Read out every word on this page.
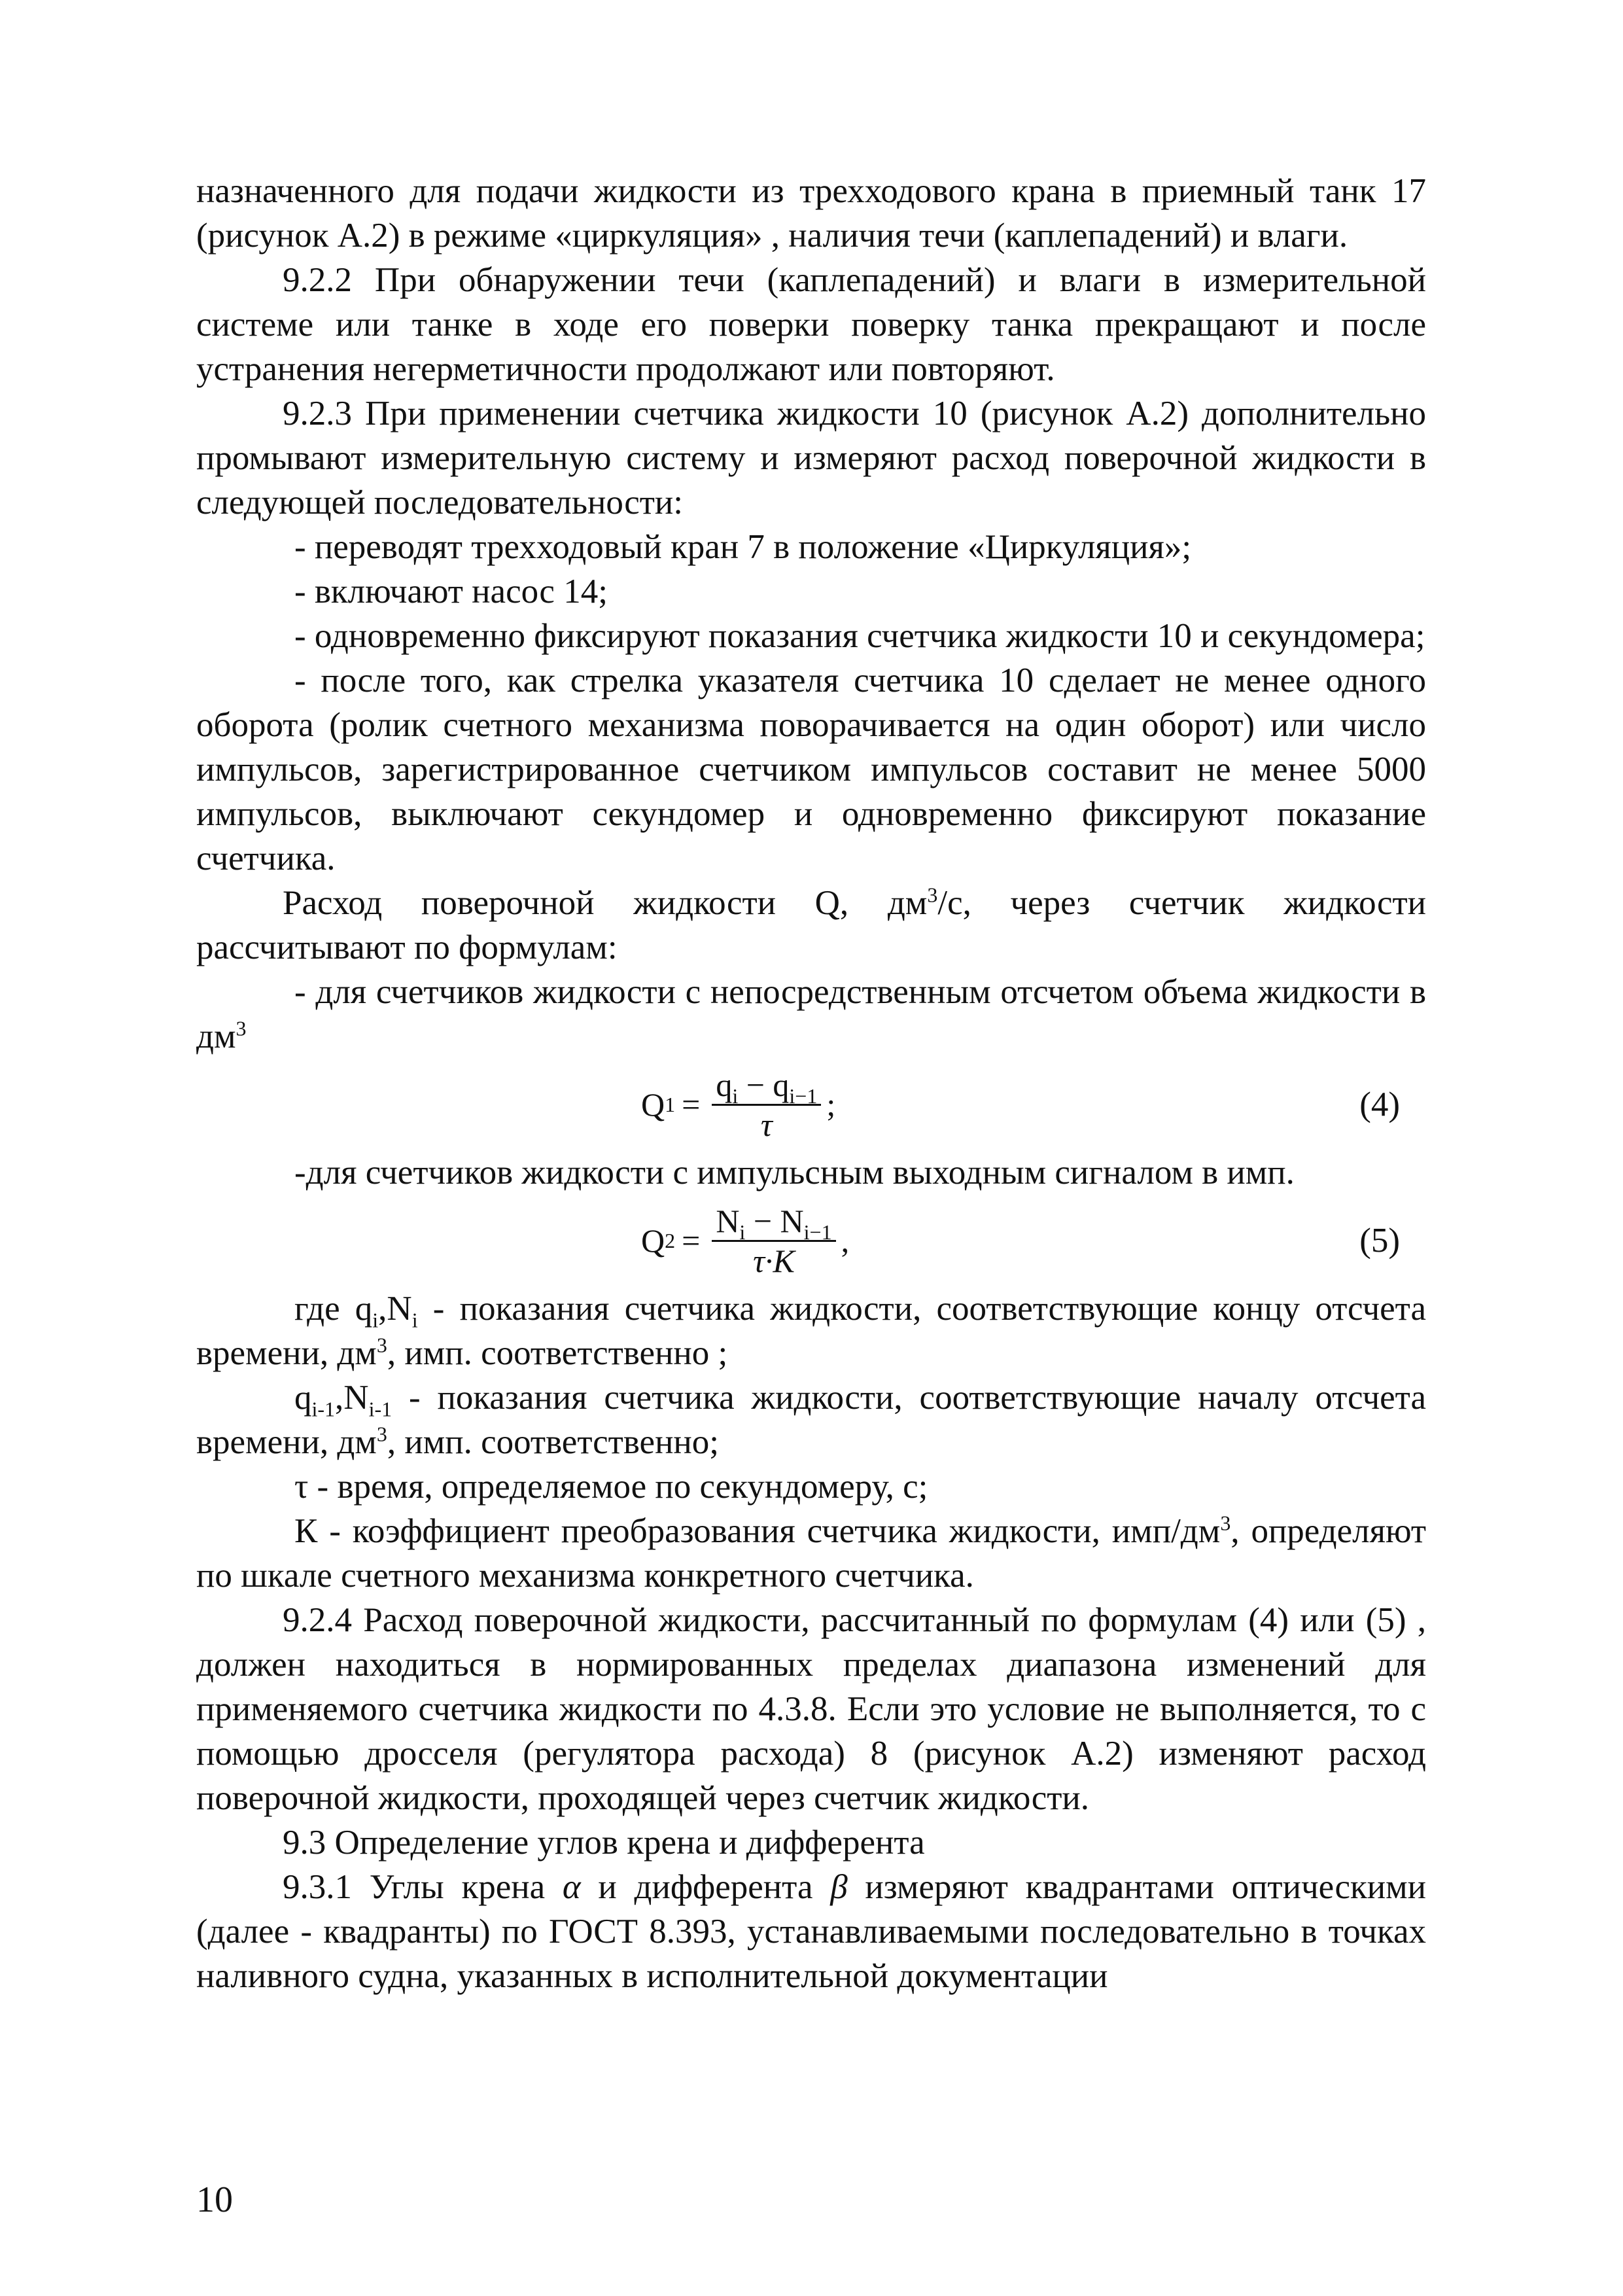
назначенного для подачи жидкости из трехходового крана в приемный танк 17 (рисунок А.2) в режиме «циркуляция» , наличия течи (каплепадений) и влаги.

9.2.2 При обнаружении течи (каплепадений) и влаги в измерительной системе или танке в ходе его поверки поверку танка прекращают и после устранения негерметичности продолжают или повторяют.

9.2.3 При применении счетчика жидкости 10 (рисунок А.2) дополнительно промывают измерительную систему и измеряют расход поверочной жидкости в следующей последовательности:

- переводят трехходовый кран 7 в положение «Циркуляция»;

- включают насос 14;

- одновременно фиксируют показания счетчика жидкости 10 и секундомера;

- после того, как стрелка указателя счетчика 10 сделает не менее одного оборота (ролик счетного механизма поворачивается на один оборот) или число импульсов, зарегистрированное счетчиком импульсов составит не менее 5000 импульсов, выключают секундомер и одновременно фиксируют показание счетчика.

Расход поверочной жидкости Q, $дм^3/с$, через счетчик жидкости рассчитывают по формулам:

- для счетчиков жидкости с непосредственным отсчетом объема жидкости в $дм^3$

Q $1 = \frac{q_i - q_{i-1}}{\tau}$ ;	(4)

-для счетчиков жидкости с импульсным выходным сигналом в имп.

Q $2 = \frac{N_i - N_{i-1}}{\tau\cdot К}$ ,	(5)

где $q_i,N_i$ - показания счетчика жидкости, соответствующие концу отсчета времени, $дм^3$, имп. соответственно ;

$q_{i-1},N_{i-1}$ - показания счетчика жидкости, соответствующие началу отсчета времени, $дм^3$, имп. соответственно;

τ - время, определяемое по секундомеру, с;

К - коэффициент преобразования счетчика жидкости, имп/$дм^3$, определяют по шкале счетного механизма конкретного счетчика.

9.2.4 Расход поверочной жидкости, рассчитанный по формулам (4) или (5) , должен находиться в нормированных пределах диапазона изменений для применяемого счетчика жидкости по 4.3.8. Если это условие не выполняется, то с помощью дросселя (регулятора расхода) 8 (рисунок А.2) изменяют расход поверочной жидкости, проходящей через счетчик жидкости.

9.3 Определение углов крена и дифферента

9.3.1 Углы крена α и дифферента β измеряют квадрантами оптическими (далее - квадранты) по ГОСТ 8.393, устанавливаемыми последовательно в точках наливного судна, указанных в исполнительной документации

10
